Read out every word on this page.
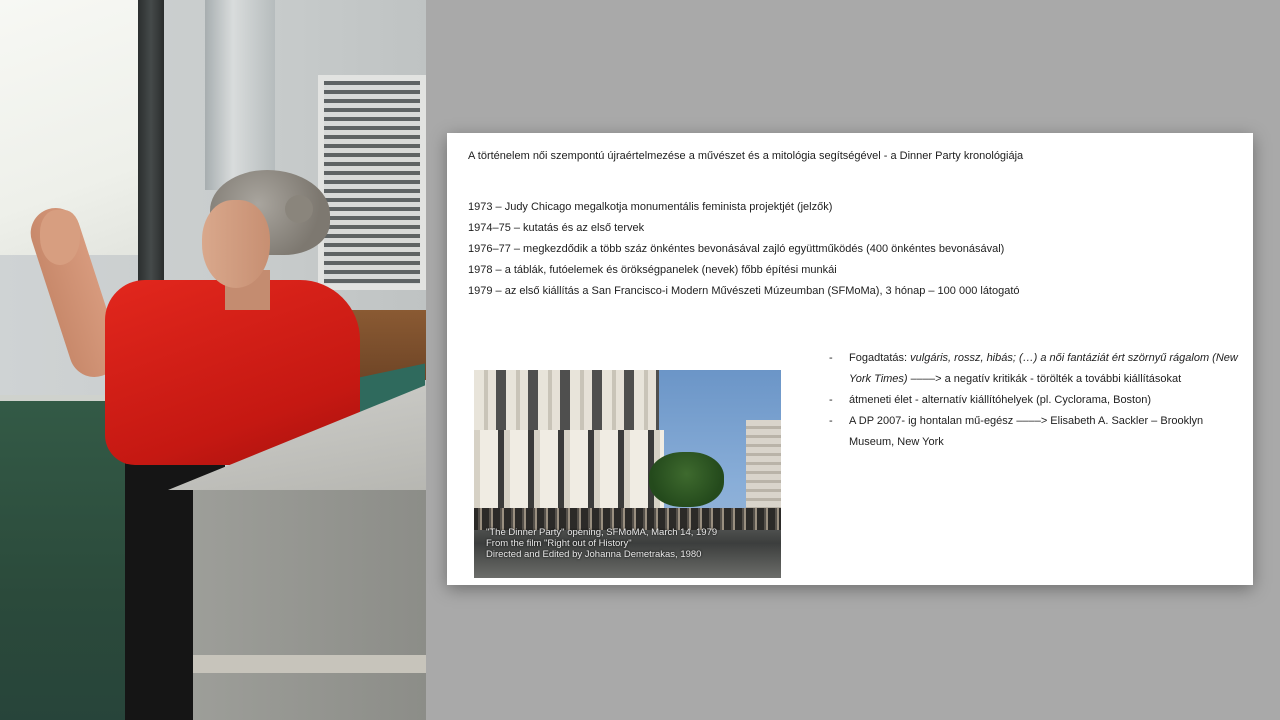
A történelem női szempontú újraértelmezése a művészet és a mitológia segítségével - a Dinner Party kronológiája
1973 – Judy Chicago megalkotja monumentális feminista projektjét (jelzők)
1974–75 – kutatás és az első tervek
1976–77 – megkezdődik a több száz önkéntes bevonásával zajló együttműködés (400 önkéntes bevonásával)
1978 – a táblák, futóelemek és örökségpanelek (nevek) főbb építési munkái
1979 – az első kiállítás a San Francisco-i Modern Művészeti Múzeumban (SFMoMa), 3 hónap – 100 000 látogató
"The Dinner Party" opening, SFMoMA, March 14, 1979
From the film "Right out of History"
Directed and Edited by Johanna Demetrakas, 1980
- Fogadtatás: vulgáris, rossz, hibás; (…) a női fantáziát ért szörnyű rágalom (New York Times) ––––> a negatív kritikák - törölték a további kiállításokat
- átmeneti élet - alternatív kiállítóhelyek (pl. Cyclorama, Boston)
- A DP 2007- ig hontalan mű-egész ––––> Elisabeth A. Sackler – Brooklyn Museum, New York
